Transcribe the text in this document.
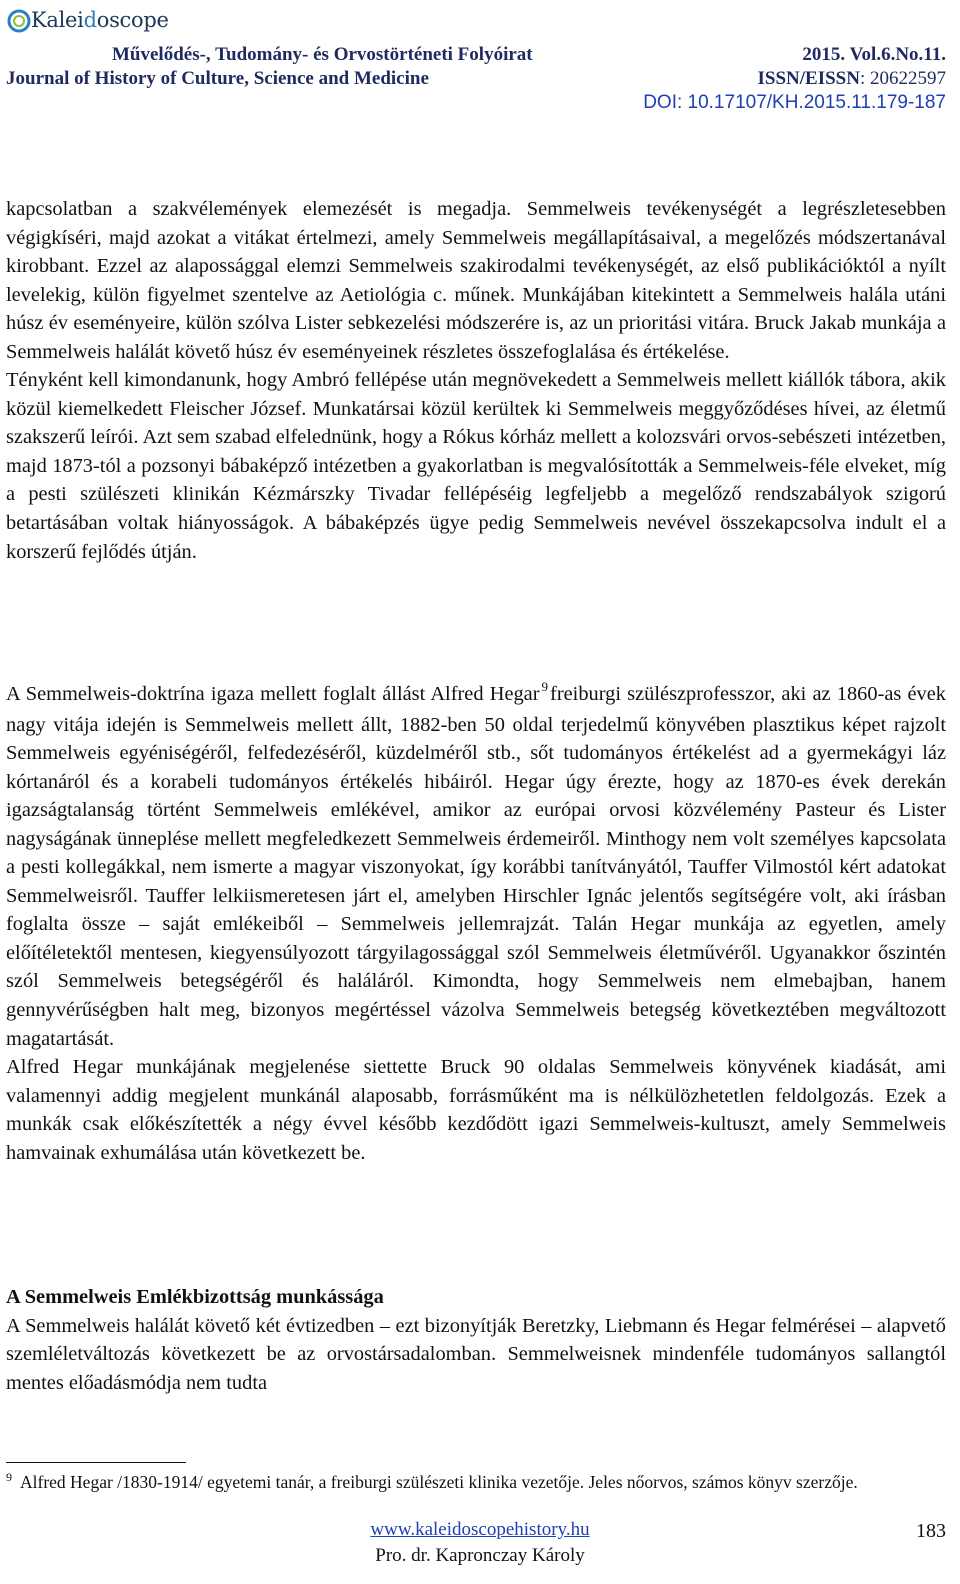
Kaleidoscope
Művelődés-, Tudomány- és Orvostörténeti Folyóirat
Journal of History of Culture, Science and Medicine
2015. Vol.6.No.11.
ISSN/EISSN: 20622597
DOI: 10.17107/KH.2015.11.179-187
kapcsolatban a szakvélemények elemezését is megadja. Semmelweis tevékenységét a legrészletesebben végigkíséri, majd azokat a vitákat értelmezi, amely Semmelweis megállapításaival, a megelőzés módszertanával kirobbant. Ezzel az alapossággal elemzi Semmelweis szakirodalmi tevékenységét, az első publikációktól a nyílt levelekig, külön figyelmet szentelve az Aetiológia c. műnek. Munkájában kitekintett a Semmelweis halála utáni húsz év eseményeire, külön szólva Lister sebkezelési módszerére is, az un prioritási vitára. Bruck Jakab munkája a Semmelweis halálát követő húsz év eseményeinek részletes összefoglalása és értékelése.
Tényként kell kimondanunk, hogy Ambró fellépése után megnövekedett a Semmelweis mellett kiállók tábora, akik közül kiemelkedett Fleischer József. Munkatársai közül kerültek ki Semmelweis meggyőződéses hívei, az életmű szakszerű leírói. Azt sem szabad elfelednünk, hogy a Rókus kórház mellett a kolozsvári orvos-sebészeti intézetben, majd 1873-tól a pozsonyi bábaképző intézetben a gyakorlatban is megvalósították a Semmelweis-féle elveket, míg a pesti szülészeti klinikán Kézmárszky Tivadar fellépéséig legfeljebb a megelőző rendszabályok szigorú betartásában voltak hiányosságok. A bábaképzés ügye pedig Semmelweis nevével összekapcsolva indult el a korszerű fejlődés útján.
A Semmelweis-doktrína igaza mellett foglalt állást Alfred Hegar $^9$freiburgi szülészprofesszor, aki az 1860-as évek nagy vitája idején is Semmelweis mellett állt, 1882-ben 50 oldal terjedelmű könyvében plasztikus képet rajzolt Semmelweis egyéniségéről, felfedezéséről, küzdelméről stb., sőt tudományos értékelést ad a gyermekágyi láz kórtanáról és a korabeli tudományos értékelés hibáiról. Hegar úgy érezte, hogy az 1870-es évek derekán igazságtalanság történt Semmelweis emlékével, amikor az európai orvosi közvélemény Pasteur és Lister nagyságának ünneplése mellett megfeledkezett Semmelweis érdemeiről. Minthogy nem volt személyes kapcsolata a pesti kollegákkal, nem ismerte a magyar viszonyokat, így korábbi tanítványától, Tauffer Vilmostól kért adatokat Semmelweisről. Tauffer lelkiismeretesen járt el, amelyben Hirschler Ignác jelentős segítségére volt, aki írásban foglalta össze – saját emlékeiből – Semmelweis jellemrajzát. Talán Hegar munkája az egyetlen, amely előítéletektől mentesen, kiegyensúlyozott tárgyilagossággal szól Semmelweis életművéről. Ugyanakkor őszintén szól Semmelweis betegségéről és haláláról. Kimondta, hogy Semmelweis nem elmebajban, hanem gennyvérűségben halt meg, bizonyos megértéssel vázolva Semmelweis betegség következtében megváltozott magatartását.
Alfred Hegar munkájának megjelenése siettette Bruck 90 oldalas Semmelweis könyvének kiadását, ami valamennyi addig megjelent munkánál alaposabb, forrásműként ma is nélkülözhetetlen feldolgozás. Ezek a munkák csak előkészítették a négy évvel később kezdődött igazi Semmelweis-kultuszt, amely Semmelweis hamvainak exhumálása után következett be.
A Semmelweis Emlékbizottság munkássága
A Semmelweis halálát követő két évtizedben – ezt bizonyítják Beretzky, Liebmann és Hegar felmérései – alapvető szemléletváltozás következett be az orvostársadalomban. Semmelweisnek mindenféle tudományos sallangtól mentes előadásmódja nem tudta
$^9$ Alfred Hegar /1830-1914/ egyetemi tanár, a freiburgi szülészeti klinika vezetője. Jeles nőorvos, számos könyv szerzője.
183
www.kaleidoscopehistory.hu
Pro. dr. Kapronczay Károly
